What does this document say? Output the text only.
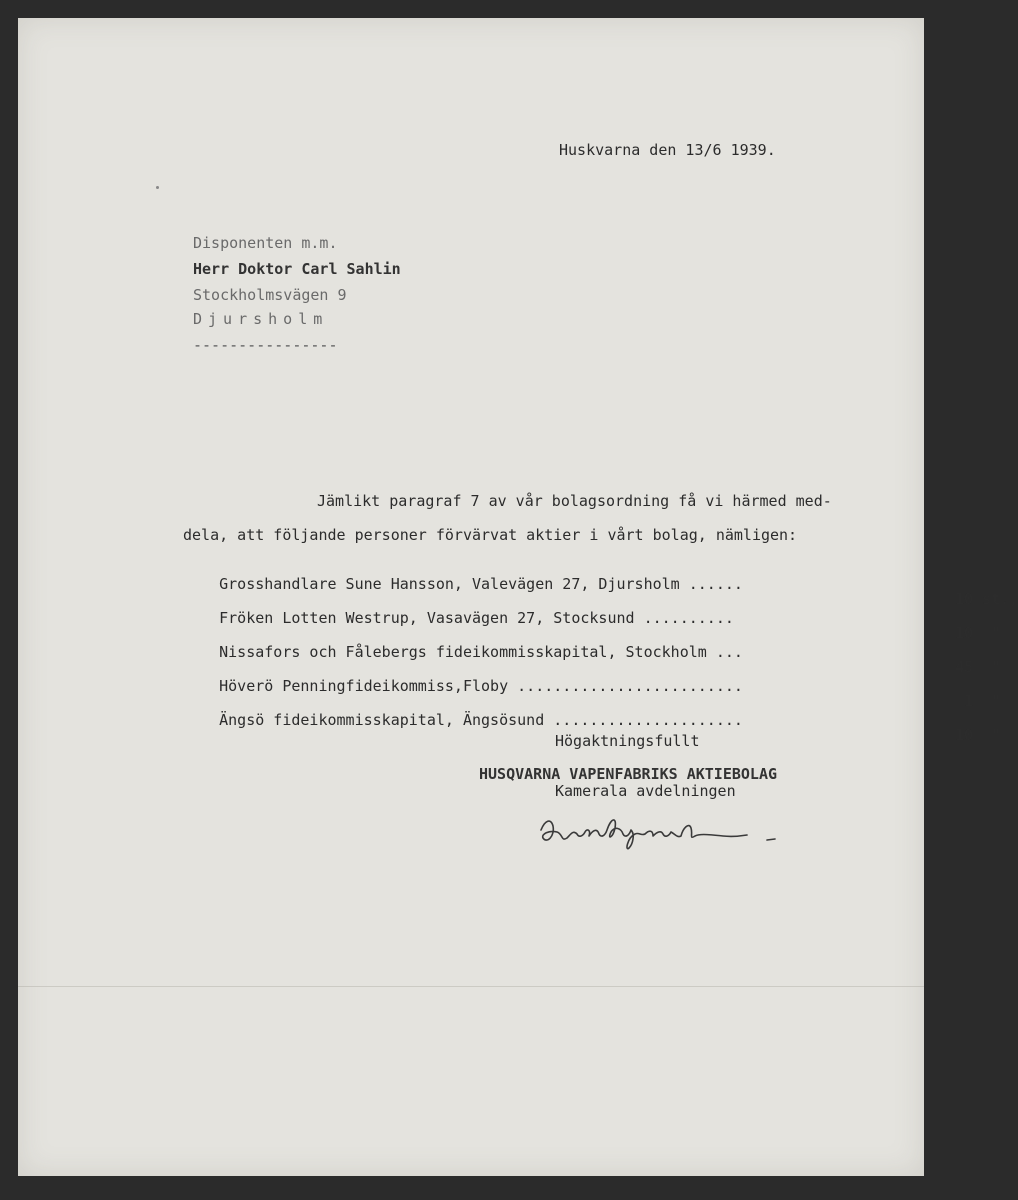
Huskvarna den 13/6 1939.
Disponenten m.m.
Herr Doktor Carl Sahlin
Stockholmsvägen 9
Djursholm
----------------
Jämlikt paragraf 7 av vår bolagsordning få vi härmed med-
dela, att följande personer förvärvat aktier i vårt bolag, nämligen:

Grosshandlare Sune Hansson, Valevägen 27, Djursholm ......

10 st.,

Fröken Lotten Westrup, Vasavägen 27, Stocksund ..........

10  "

Nissafors och Fålebergs fideikommisskapital, Stockholm ...

45  "

Höverö Penningfideikommiss,Floby .........................

1  "

Ängsö fideikommisskapital, Ängsösund .....................

10  "

Högaktningsfullt
HUSQVARNA VAPENFABRIKS AKTIEBOLAG
Kamerala avdelningen
